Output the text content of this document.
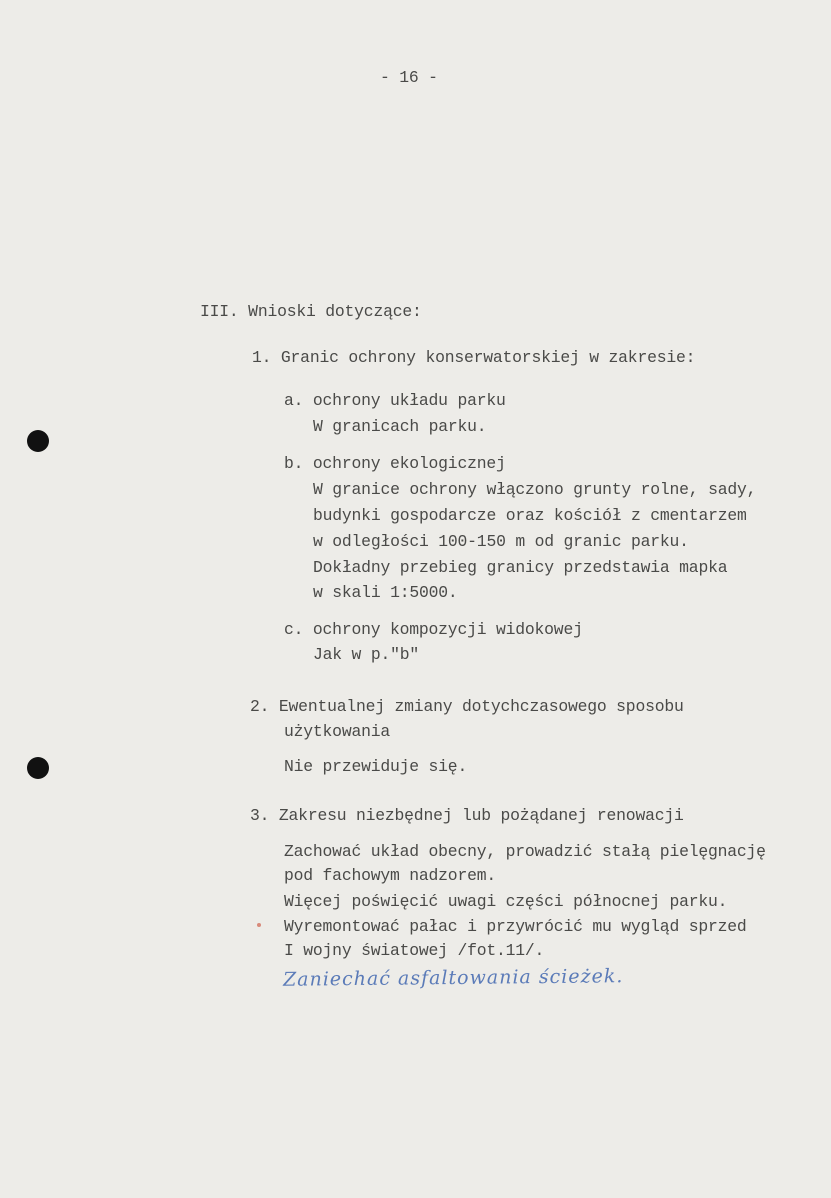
- 16 -
III. Wnioski dotyczące:
1. Granic ochrony konserwatorskiej w zakresie:
a. ochrony układu parku
W granicach parku.
b. ochrony ekologicznej
W granice ochrony włączono grunty rolne, sady,
budynki gospodarcze oraz kościół z cmentarzem
w odległości 100-150 m od granic parku.
Dokładny przebieg granicy przedstawia mapka
w skali 1:5000.
c. ochrony kompozycji widokowej
Jak w p."b"
2. Ewentualnej zmiany dotychczasowego sposobu
użytkowania
Nie przewiduje się.
3. Zakresu niezbędnej lub pożądanej renowacji
Zachować układ obecny, prowadzić stałą pielęgnację
pod fachowym nadzorem.
Więcej poświęcić uwagi części północnej parku.
Wyremontować pałac i przywrócić mu wygląd sprzed
I wojny światowej /fot.11/.
Zaniechać asfaltowania ścieżek.
